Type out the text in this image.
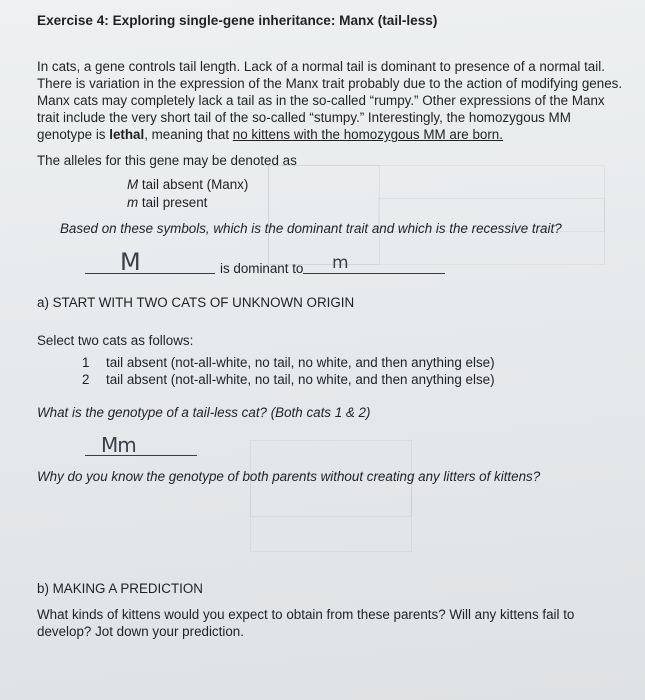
Exercise 4: Exploring single-gene inheritance: Manx (tail-less)
In cats, a gene controls tail length. Lack of a normal tail is dominant to presence of a normal tail.
There is variation in the expression of the Manx trait probably due to the action of modifying genes.
Manx cats may completely lack a tail as in the so-called “rumpy.” Other expressions of the Manx
trait include the very short tail of the so-called “stumpy.” Interestingly, the homozygous MM
genotype is lethal, meaning that no kittens with the homozygous MM are born.
The alleles for this gene may be denoted as
M tail absent (Manx)
m tail present
Based on these symbols, which is the dominant trait and which is the recessive trait?
M	is dominant to m
a) START WITH TWO CATS OF UNKNOWN ORIGIN
Select two cats as follows:
1 tail absent (not-all-white, no tail, no white, and then anything else)
2 tail absent (not-all-white, no tail, no white, and then anything else)
What is the genotype of a tail-less cat? (Both cats 1 & 2)
Mm
Why do you know the genotype of both parents without creating any litters of kittens?
b) MAKING A PREDICTION
What kinds of kittens would you expect to obtain from these parents? Will any kittens fail to
develop? Jot down your prediction.
